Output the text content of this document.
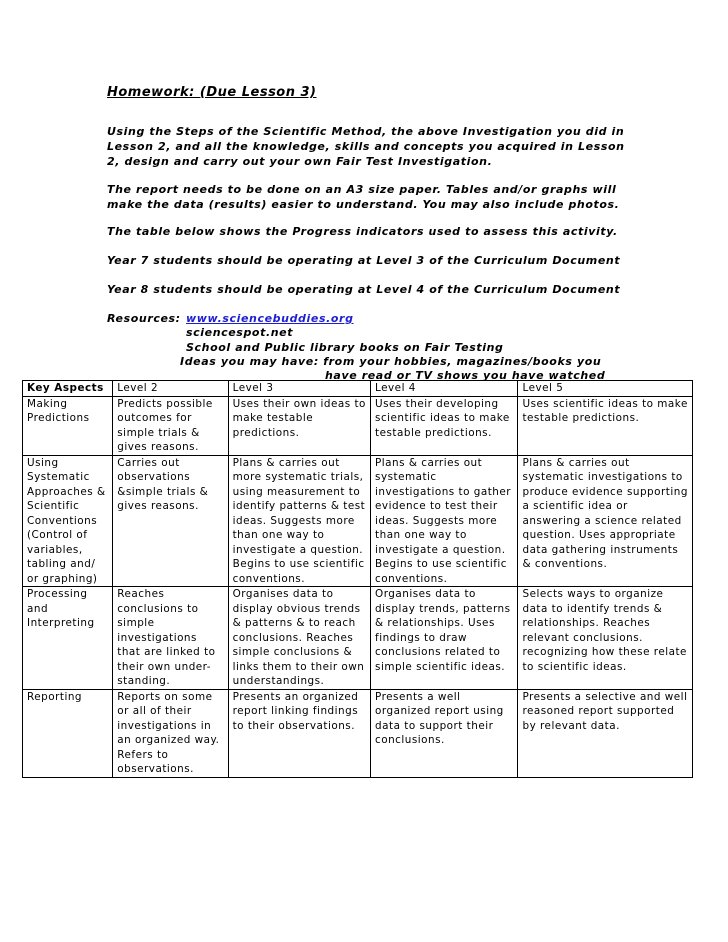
Homework: (Due Lesson 3)
Using the Steps of the Scientific Method, the above Investigation you did in Lesson 2, and all the knowledge, skills and concepts you acquired in Lesson 2, design and carry out your own Fair Test Investigation.
The report needs to be done on an A3 size paper. Tables and/or graphs will make the data (results) easier to understand. You may also include photos.
The table below shows the Progress indicators used to assess this activity.
Year 7 students should be operating at Level 3 of the Curriculum Document
Year 8 students should be operating at Level 4 of the Curriculum Document
Resources: www.sciencebuddies.org
sciencespot.net
School and Public library books on Fair Testing
Ideas you may have: from your hobbies, magazines/books you
have read or TV shows you have watched
Key Aspects	Level 2	Level 3	Level 4	Level 5
Making Predictions	Predicts possible outcomes for simple trials & gives reasons.	Uses their own ideas to make testable predictions.	Uses their developing scientific ideas to make testable predictions.	Uses scientific ideas to make testable predictions.
Using Systematic Approaches & Scientific Conventions (Control of variables, tabling and/ or graphing)	Carries out observations &simple trials & gives reasons.	Plans & carries out more systematic trials, using measurement to identify patterns & test ideas. Suggests more than one way to investigate a question. Begins to use scientific conventions.	Plans & carries out systematic investigations to gather evidence to test their ideas. Suggests more than one way to investigate a question. Begins to use scientific conventions.	Plans & carries out systematic investigations to produce evidence supporting a scientific idea or answering a science related question. Uses appropriate data gathering instruments & conventions.
Processing and Interpreting	Reaches conclusions to simple investigations that are linked to their own under-standing.	Organises data to display obvious trends & patterns & to reach conclusions. Reaches simple conclusions & links them to their own understandings.	Organises data to display trends, patterns & relationships. Uses findings to draw conclusions related to simple scientific ideas.	Selects ways to organize data to identify trends & relationships. Reaches relevant conclusions. recognizing how these relate to scientific ideas.
Reporting	Reports on some or all of their investigations in an organized way. Refers to observations.	Presents an organized report linking findings to their observations.	Presents a well organized report using data to support their conclusions.	Presents a selective and well reasoned report supported by relevant data.
